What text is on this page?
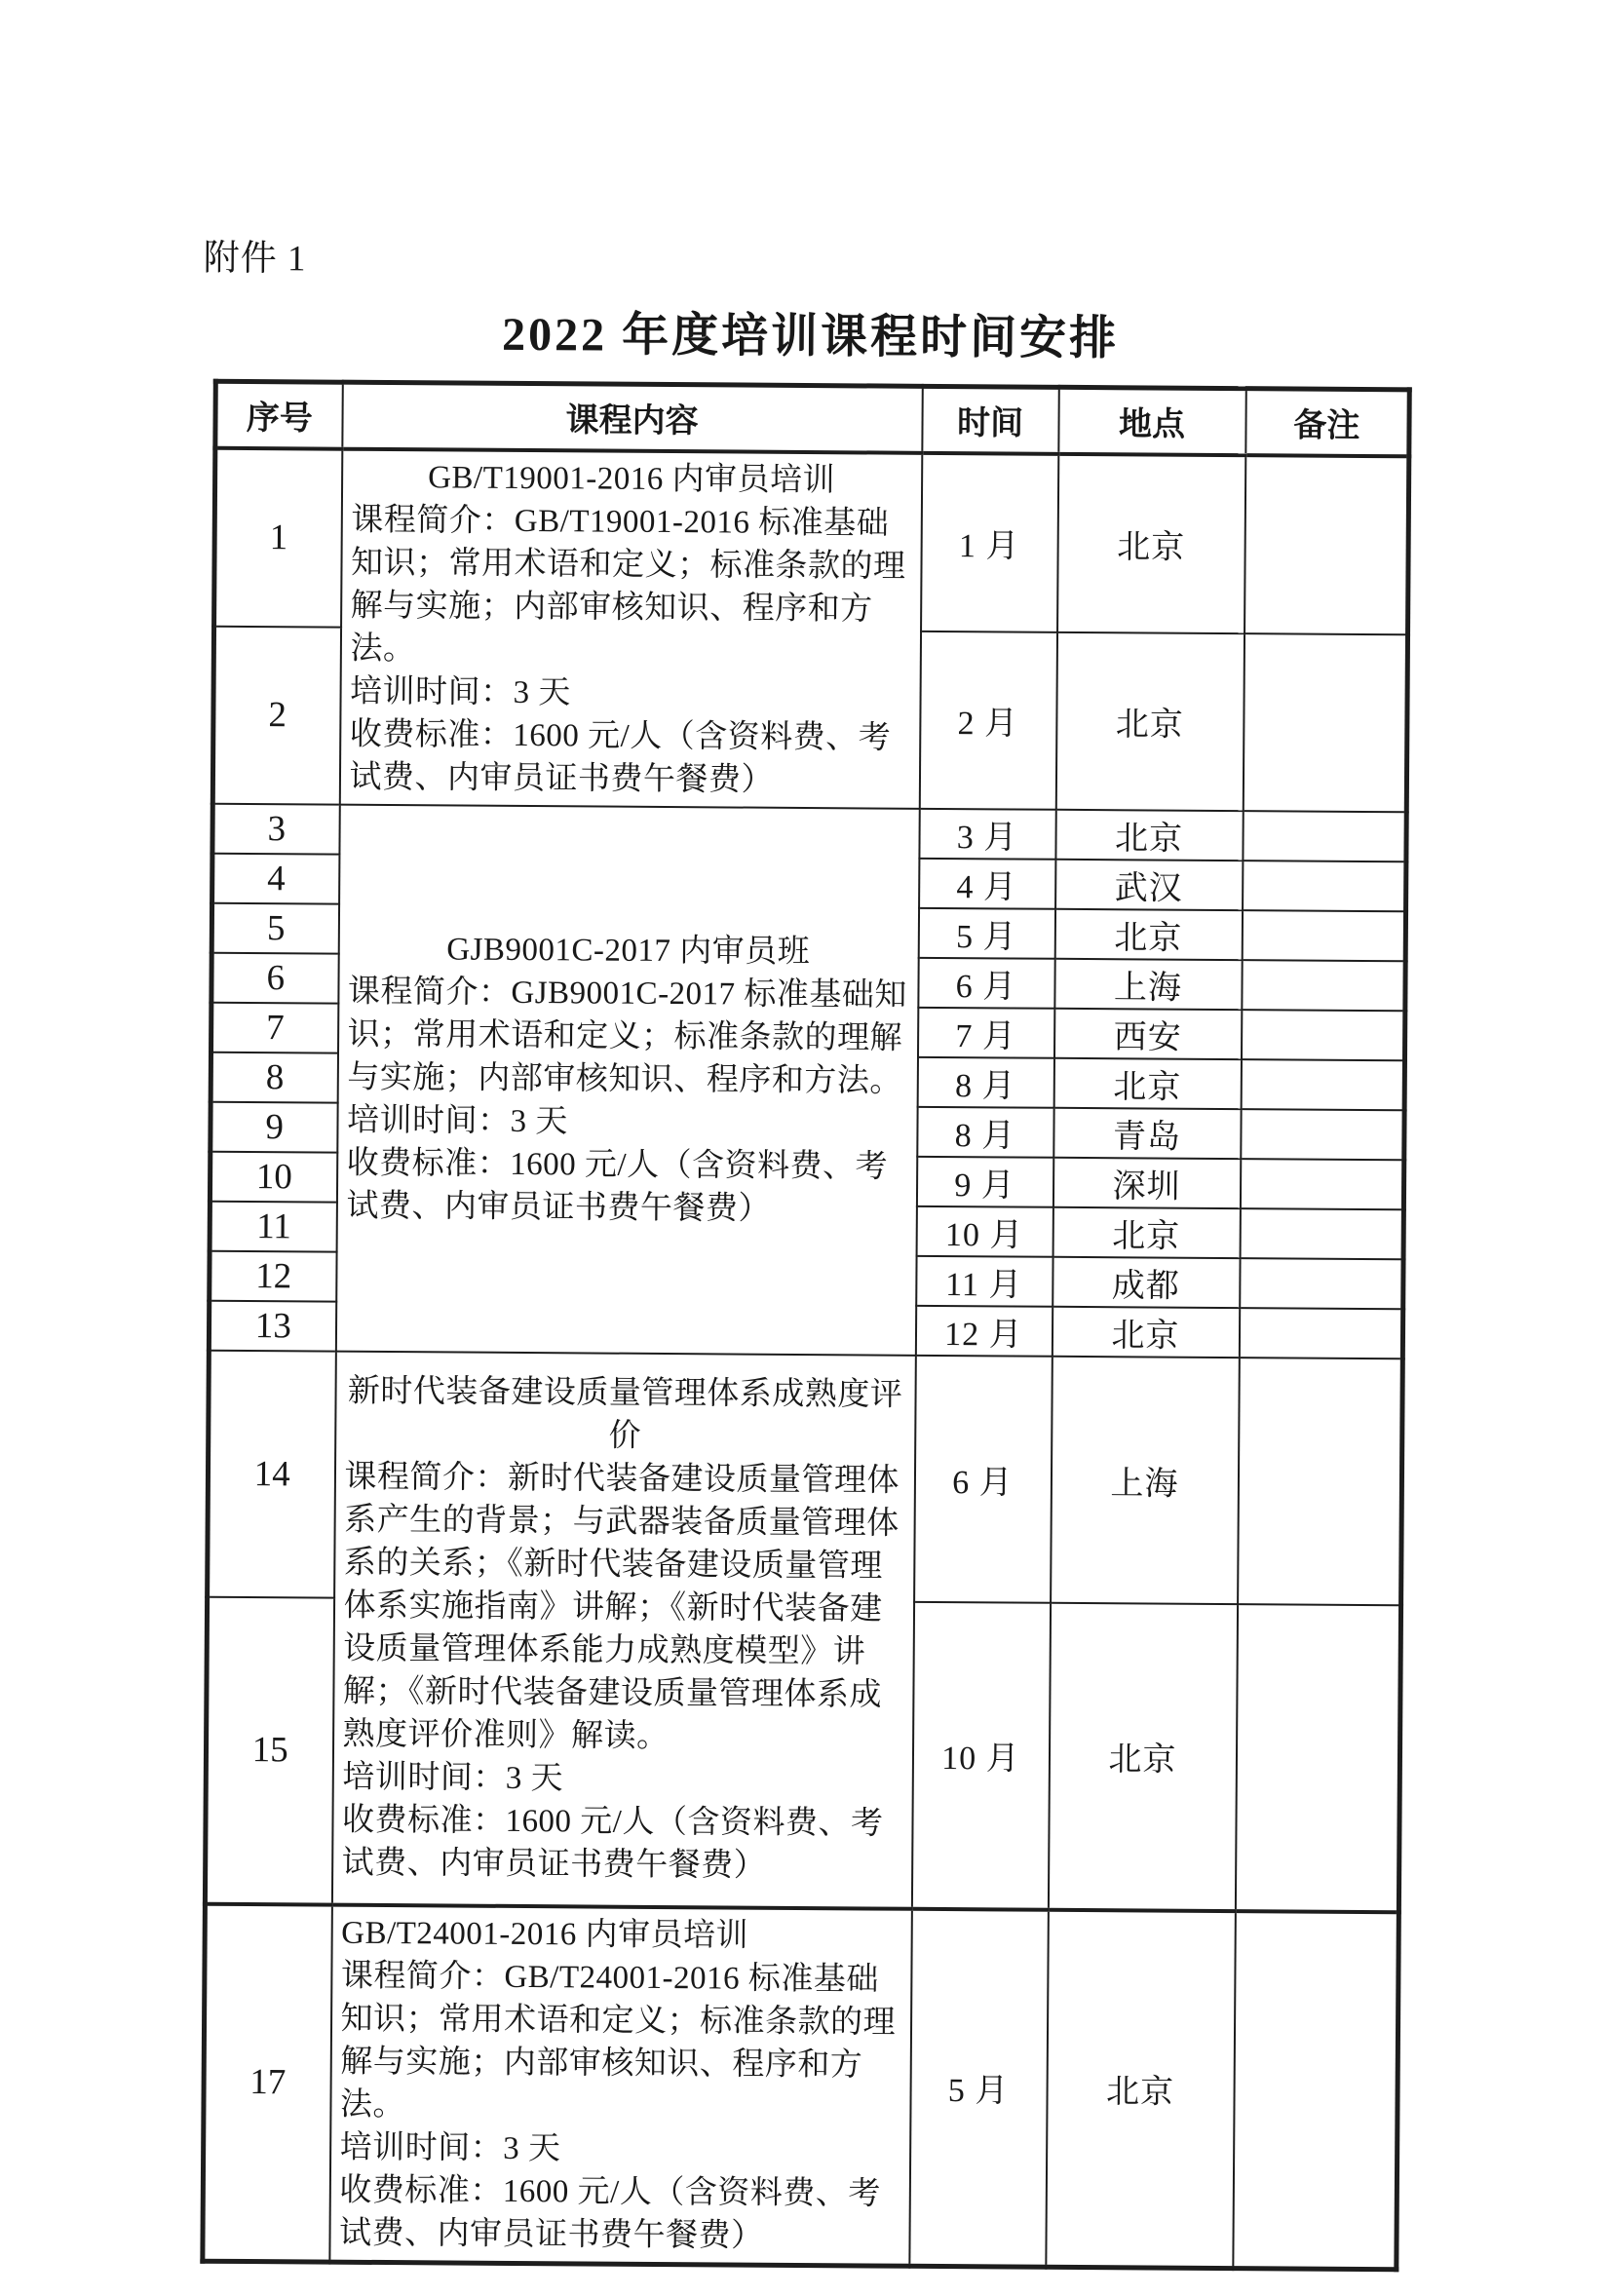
附件 1
2022 年度培训课程时间安排
序号	课程内容	时间	地点	备注
1	GB/T19001-2016 内审员培训
课程简介：GB/T19001-2016 标准基础知识；常用术语和定义；标准条款的理解与实施；内部审核知识、程序和方法。
培训时间：3 天
收费标准：1600 元/人（含资料费、考试费、内审员证书费午餐费）	1 月	北京	
2		2 月	北京	
3	GJB9001C-2017 内审员班
课程简介：GJB9001C-2017 标准基础知识；常用术语和定义；标准条款的理解与实施；内部审核知识、程序和方法。
培训时间：3 天
收费标准：1600 元/人（含资料费、考试费、内审员证书费午餐费）	3 月	北京	
4		4 月	武汉	
5		5 月	北京	
6		6 月	上海	
7		7 月	西安	
8		8 月	北京	
9		8 月	青岛	
10		9 月	深圳	
11		10 月	北京	
12		11 月	成都	
13		12 月	北京	
14	新时代装备建设质量管理体系成熟度评价
课程简介：新时代装备建设质量管理体系产生的背景；与武器装备质量管理体系的关系；《新时代装备建设质量管理体系实施指南》讲解；《新时代装备建设质量管理体系能力成熟度模型》讲解；《新时代装备建设质量管理体系成熟度评价准则》解读。
培训时间：3 天
收费标准：1600 元/人（含资料费、考试费、内审员证书费午餐费）	6 月	上海	
15		10 月	北京	
17	GB/T24001-2016 内审员培训
课程简介：GB/T24001-2016 标准基础知识；常用术语和定义；标准条款的理解与实施；内部审核知识、程序和方法。
培训时间：3 天
收费标准：1600 元/人（含资料费、考试费、内审员证书费午餐费）	5 月	北京	
